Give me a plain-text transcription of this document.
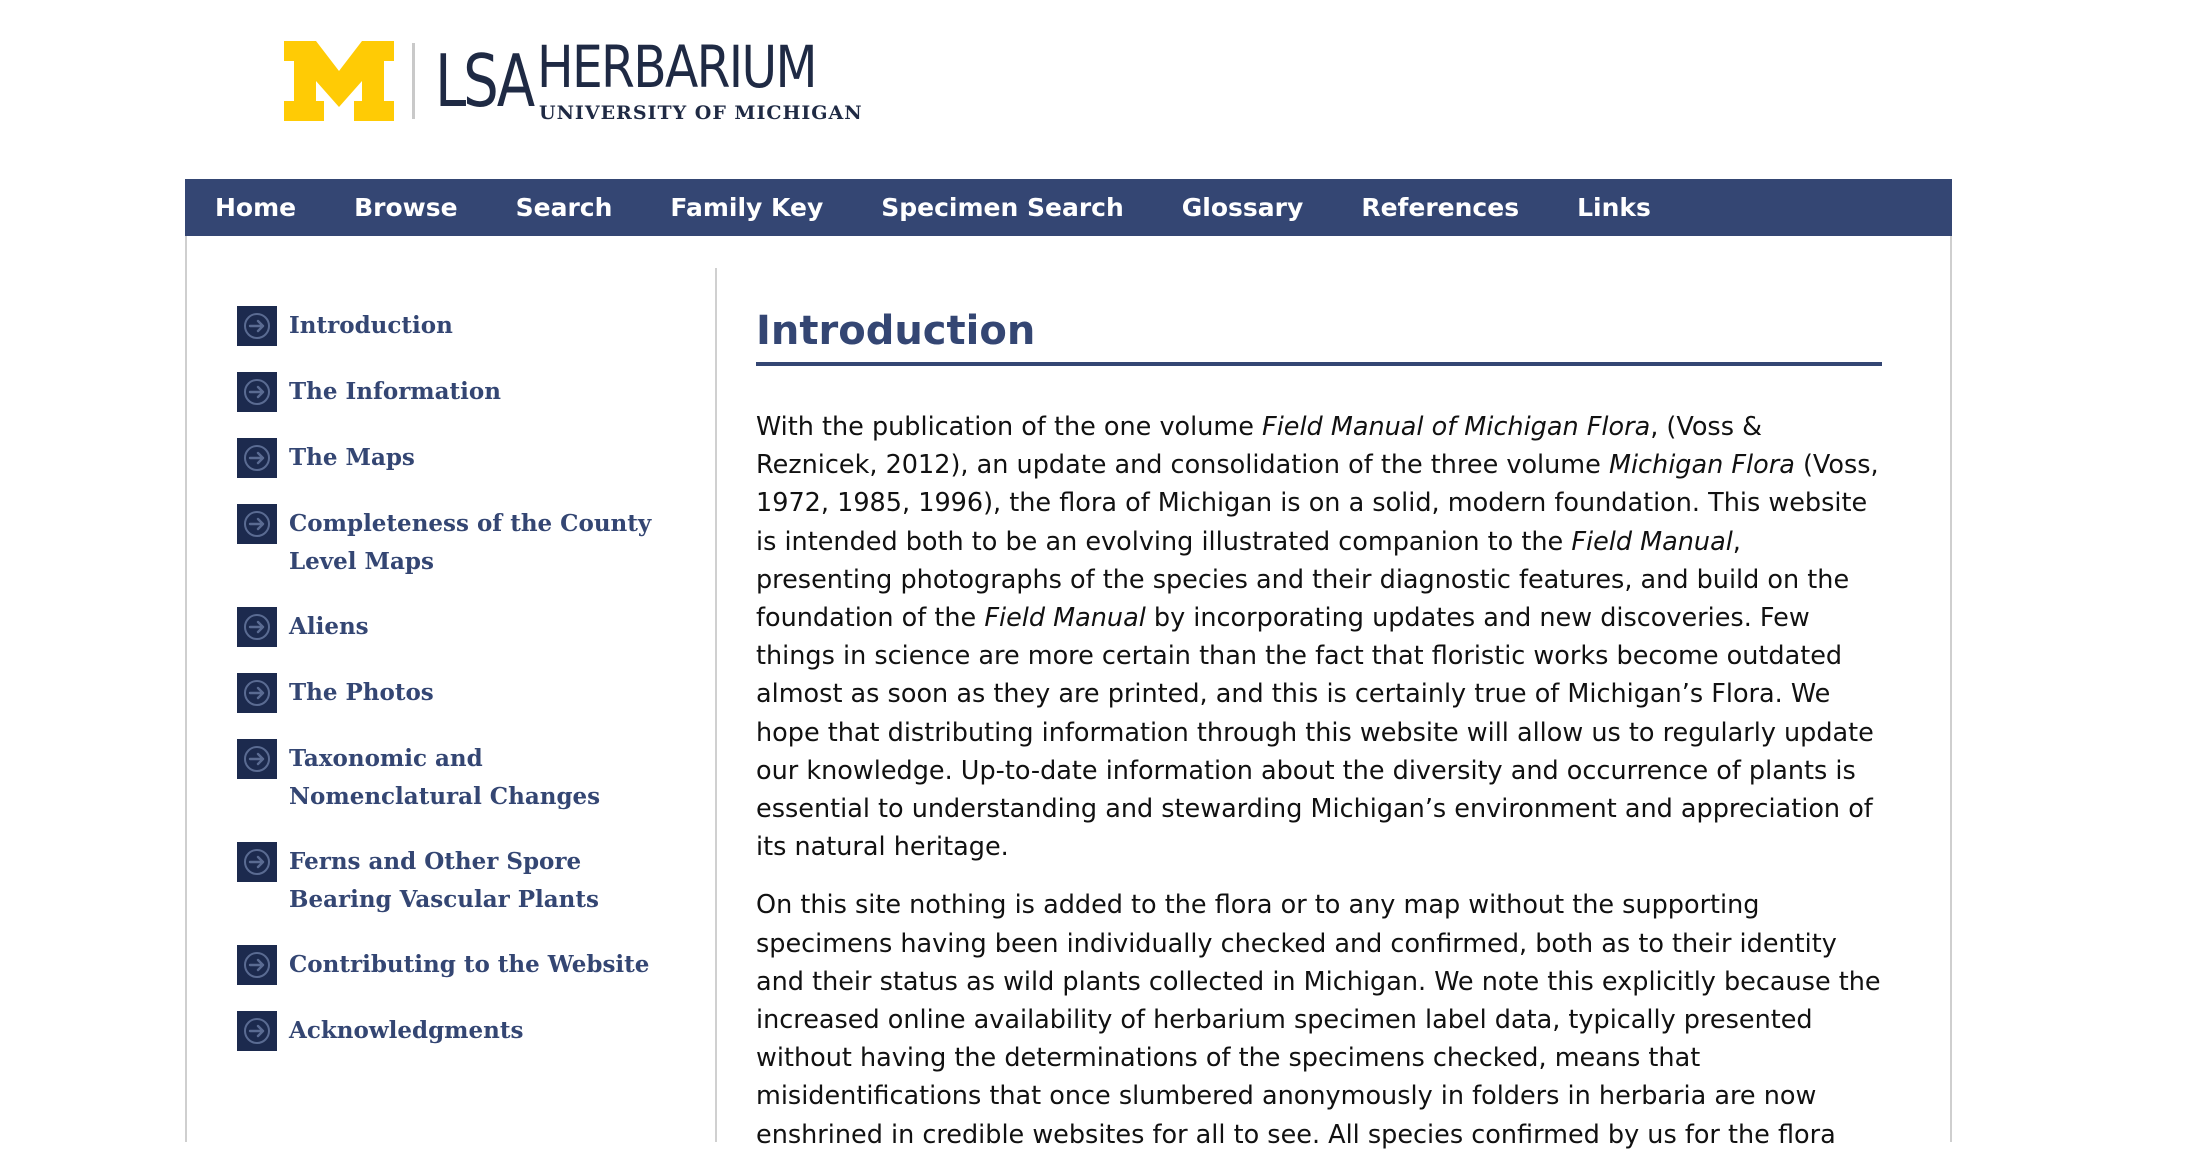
LSA HERBARIUM
UNIVERSITY OF MICHIGAN
Home Browse Search Family Key Specimen Search Glossary References Links
Introduction
The Information
The Maps
Completeness of the County Level Maps
Aliens
The Photos
Taxonomic and Nomenclatural Changes
Ferns and Other Spore Bearing Vascular Plants
Contributing to the Website
Acknowledgments
Introduction

With the publication of the one volume Field Manual of Michigan Flora, (Voss & Reznicek, 2012), an update and consolidation of the three volume Michigan Flora (Voss, 1972, 1985, 1996), the flora of Michigan is on a solid, modern foundation. This website is intended both to be an evolving illustrated companion to the Field Manual, presenting photographs of the species and their diagnostic features, and build on the foundation of the Field Manual by incorporating updates and new discoveries. Few things in science are more certain than the fact that floristic works become outdated almost as soon as they are printed, and this is certainly true of Michigan’s Flora. We hope that distributing information through this website will allow us to regularly update our knowledge. Up-to-date information about the diversity and occurrence of plants is essential to understanding and stewarding Michigan’s environment and appreciation of its natural heritage.

On this site nothing is added to the flora or to any map without the supporting specimens having been individually checked and confirmed, both as to their identity and their status as wild plants collected in Michigan. We note this explicitly because the increased online availability of herbarium specimen label data, typically presented without having the determinations of the specimens checked, means that misidentifications that once slumbered anonymously in folders in herbaria are now enshrined in credible websites for all to see. All species confirmed by us for the flora
